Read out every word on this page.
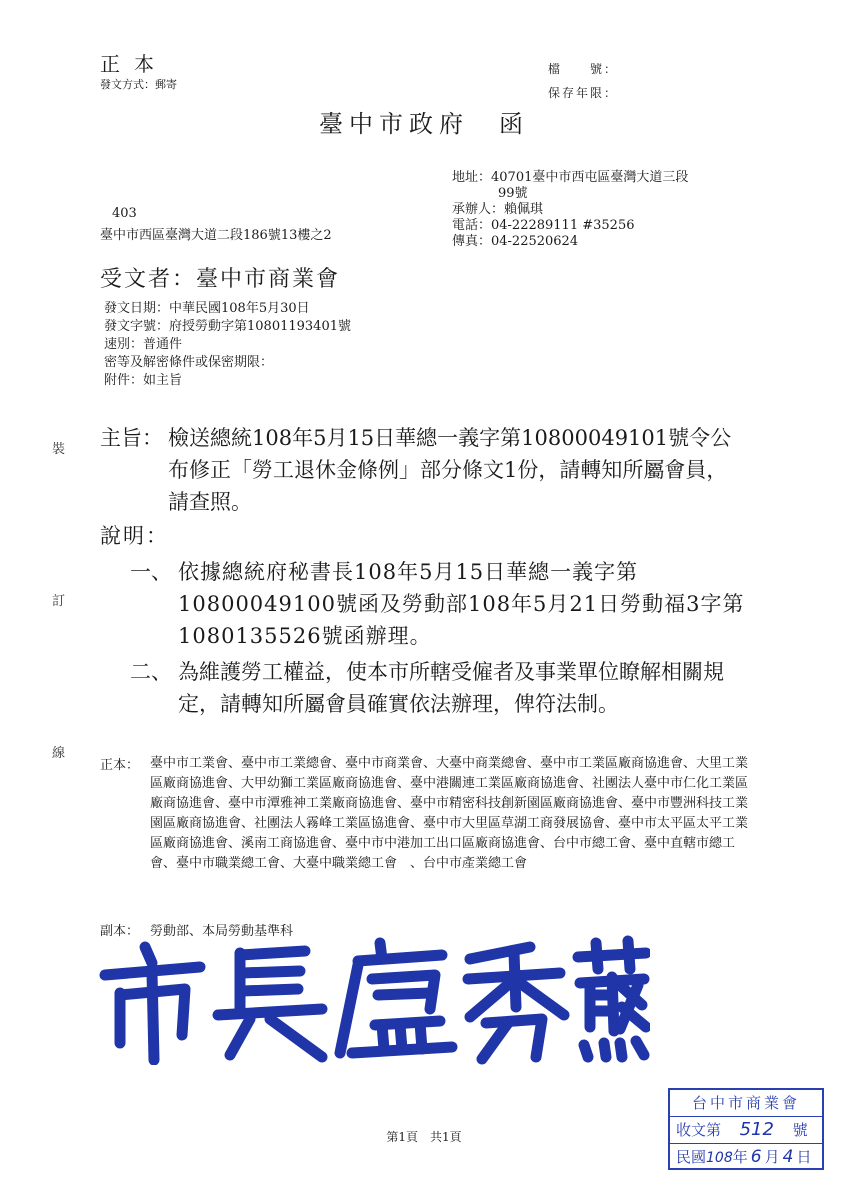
正本
發文方式：郵寄
檔　　號：
保存年限：
臺中市政府　函
地址：40701臺中市西屯區臺灣大道三段
99號
承辦人：賴佩琪
電話：04-22289111 #35256
傳真：04-22520624
403
臺中市西區臺灣大道二段186號13樓之2
受文者：臺中市商業會
發文日期：中華民國108年5月30日
發文字號：府授勞動字第10801193401號
速別：普通件
密等及解密條件或保密期限：
附件：如主旨
主旨： 檢送總統108年5月15日華總一義字第10800049101號令公布修正「勞工退休金條例」部分條文1份，請轉知所屬會員，請查照。
說明：
一、 依據總統府秘書長108年5月15日華總一義字第10800049100號函及勞動部108年5月21日勞動福3字第1080135526號函辦理。
二、 為維護勞工權益，使本市所轄受僱者及事業單位瞭解相關規定，請轉知所屬會員確實依法辦理，俾符法制。
正本： 臺中市工業會、臺中市工業總會、臺中市商業會、大臺中商業總會、臺中市工業區廠商協進會、大里工業區廠商協進會、大甲幼獅工業區廠商協進會、臺中港關連工業區廠商協進會、社團法人臺中市仁化工業區廠商協進會、臺中市潭雅神工業廠商協進會、臺中市精密科技創新園區廠商協進會、臺中市豐洲科技工業園區廠商協進會、社團法人霧峰工業區協進會、臺中市大里區草湖工商發展協會、臺中市太平區太平工業區廠商協進會、溪南工商協進會、臺中市中港加工出口區廠商協進會、台中市總工會、臺中直轄市總工會、臺中市職業總工會、大臺中職業總工會　、台中市產業總工會
副本： 勞動部、本局勞動基準科
裝
訂
線
第1頁　共1頁
台中市商業會
收文第 512 號
民國108年 6 月 4 日
